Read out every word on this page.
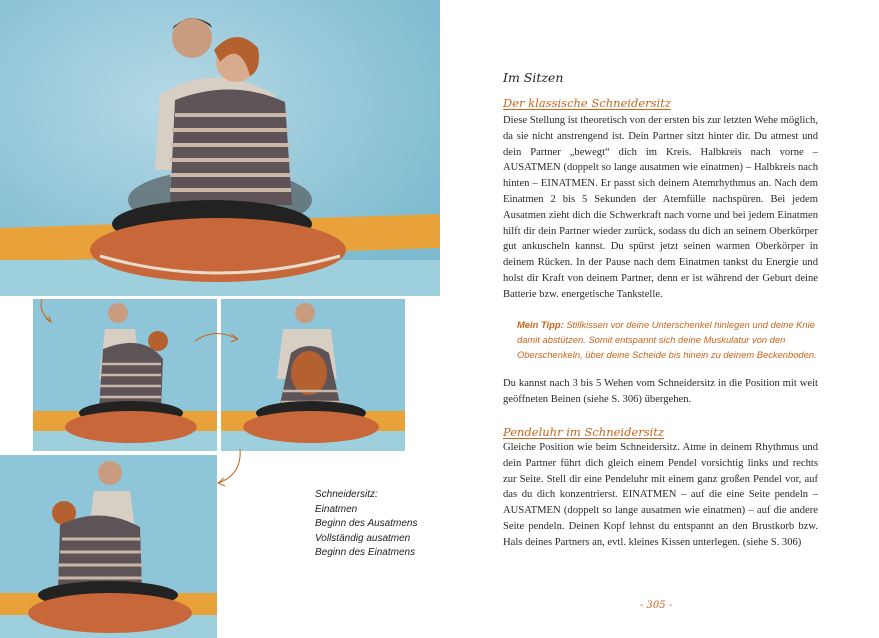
Schneidersitz:
Einatmen
Beginn des Ausatmens
Vollständig ausatmen
Beginn des Einatmens
Im Sitzen
Der klassische Schneidersitz
Diese Stellung ist theoretisch von der ersten bis zur letzten Wehe möglich, da sie nicht anstrengend ist. Dein Partner sitzt hinter dir. Du atmest und dein Partner „bewegt“ dich im Kreis. Halbkreis nach vorne – AUSATMEN (doppelt so lange ausatmen wie einatmen) – Halbkreis nach hinten – EINATMEN. Er passt sich deinem Atemrhythmus an. Nach dem Einatmen 2 bis 5 Sekunden der Atemfülle nachspüren. Bei jedem Ausatmen zieht dich die Schwerkraft nach vorne und bei jedem Einatmen hilft dir dein Partner wieder zurück, sodass du dich an seinem Oberkörper gut ankuscheln kannst. Du spürst jetzt seinen warmen Oberkörper in deinem Rücken. In der Pause nach dem Einatmen tankst du Energie und holst dir Kraft von deinem Partner, denn er ist während der Geburt deine Batterie bzw. energetische Tankstelle.
Mein Tipp: Stillkissen vor deine Unterschenkel hinlegen und deine Knie damit abstützen. Somit entspannt sich deine Muskulatur von den Oberschenkeln, über deine Scheide bis hinein zu deinem Beckenboden.
Du kannst nach 3 bis 5 Wehen vom Schneidersitz in die Position mit weit geöffneten Beinen (siehe S. 306) übergehen.
Pendeluhr im Schneidersitz
Gleiche Position wie beim Schneidersitz. Atme in deinem Rhythmus und dein Partner führt dich gleich einem Pendel vorsichtig links und rechts zur Seite. Stell dir eine Pendeluhr mit einem ganz großen Pendel vor, auf das du dich konzentrierst. EINATMEN – auf die eine Seite pendeln – AUSATMEN (doppelt so lange ausatmen wie einatmen) – auf die andere Seite pendeln. Deinen Kopf lehnst du entspannt an den Brustkorb bzw. Hals deines Partners an, evtl. kleines Kissen unterlegen. (siehe S. 306)
- 305 -
